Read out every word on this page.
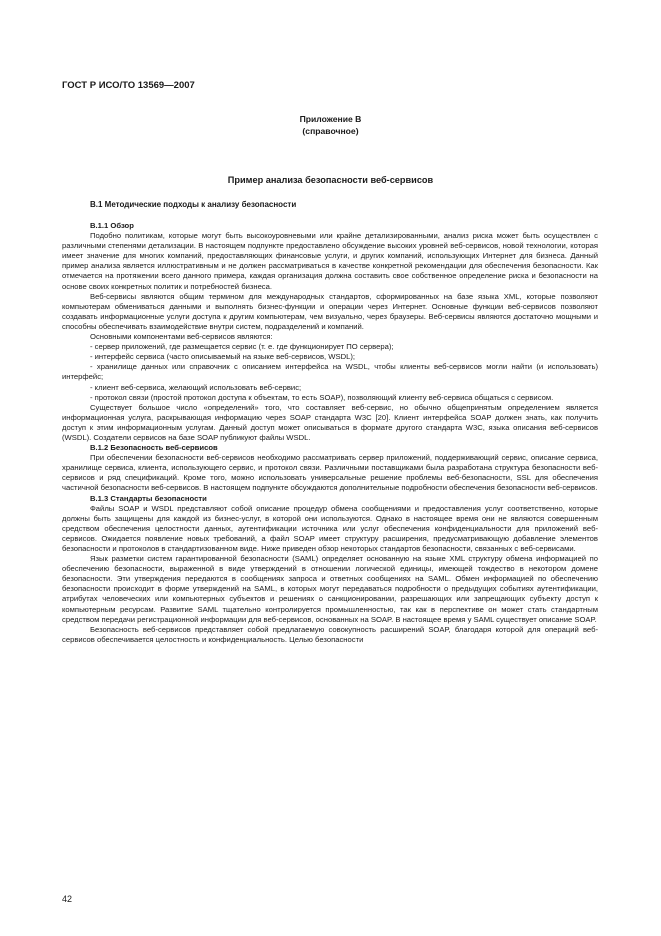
ГОСТ Р ИСО/ТО 13569—2007
Приложение В
(справочное)
Пример анализа безопасности веб-сервисов
В.1 Методические подходы к анализу безопасности

В.1.1 Обзор

Подобно политикам, которые могут быть высокоуровневыми или крайне детализированными, анализ риска может быть осуществлен с различными степенями детализации. В настоящем подпункте предоставлено обсуждение высоких уровней веб-сервисов, новой технологии, которая имеет значение для многих компаний, предоставляющих финансовые услуги, и других компаний, использующих Интернет для бизнеса. Данный пример анализа является иллюстративным и не должен рассматриваться в качестве конкретной рекомендации для обеспечения безопасности. Как отмечается на протяжении всего данного примера, каждая организация должна составить свое собственное определение риска и безопасности на основе своих конкретных политик и потребностей бизнеса.

Веб-сервисы являются общим термином для международных стандартов, сформированных на базе языка XML, которые позволяют компьютерам обмениваться данными и выполнять бизнес-функции и операции через Интернет. Основные функции веб-сервисов позволяют создавать информационные услуги доступа к другим компьютерам, чем визуально, через браузеры. Веб-сервисы являются достаточно мощными и способны обеспечивать взаимодействие внутри систем, подразделений и компаний.

Основными компонентами веб-сервисов являются:

- сервер приложений, где размещается сервис (т. е. где функционирует ПО сервера);

- интерфейс сервиса (часто описываемый на языке веб-сервисов, WSDL);

- хранилище данных или справочник с описанием интерфейса на WSDL, чтобы клиенты веб-сервисов могли найти (и использовать) интерфейс;

- клиент веб-сервиса, желающий использовать веб-сервис;

- протокол связи (простой протокол доступа к объектам, то есть SOAP), позволяющий клиенту веб-сервиса общаться с сервисом.

Существует большое число «определений» того, что составляет веб-сервис, но обычно общепринятым определением является информационная услуга, раскрывающая информацию через SOAP стандарта W3C [20]. Клиент интерфейса SOAP должен знать, как получить доступ к этим информационным услугам. Данный доступ может описываться в формате другого стандарта W3C, языка описания веб-сервисов (WSDL). Создатели сервисов на базе SOAP публикуют файлы WSDL.

В.1.2 Безопасность веб-сервисов

При обеспечении безопасности веб-сервисов необходимо рассматривать сервер приложений, поддерживающий сервис, описание сервиса, хранилище сервиса, клиента, использующего сервис, и протокол связи. Различными поставщиками была разработана структура безопасности веб-сервисов и ряд спецификаций. Кроме того, можно использовать универсальные решение проблемы веб-безопасности, SSL для обеспечения частичной безопасности веб-сервисов. В настоящем подпункте обсуждаются дополнительные подробности обеспечения безопасности веб-сервисов.

В.1.3 Стандарты безопасности

Файлы SOAP и WSDL представляют собой описание процедур обмена сообщениями и предоставления услуг соответственно, которые должны быть защищены для каждой из бизнес-услуг, в которой они используются. Однако в настоящее время они не являются совершенным средством обеспечения целостности данных, аутентификации источника или услуг обеспечения конфиденциальности для приложений веб-сервисов. Ожидается появление новых требований, а файл SOAP имеет структуру расширения, предусматривающую добавление элементов безопасности и протоколов в стандартизованном виде. Ниже приведен обзор некоторых стандартов безопасности, связанных с веб-сервисами.

Язык разметки систем гарантированной безопасности (SAML) определяет основанную на языке XML структуру обмена информацией по обеспечению безопасности, выраженной в виде утверждений в отношении логической единицы, имеющей тождество в некотором домене безопасности. Эти утверждения передаются в сообщениях запроса и ответных сообщениях на SAML. Обмен информацией по обеспечению безопасности происходит в форме утверждений на SAML, в которых могут передаваться подробности о предыдущих событиях аутентификации, атрибутах человеческих или компьютерных субъектов и решениях о санкционировании, разрешающих или запрещающих субъекту доступ к компьютерным ресурсам. Развитие SAML тщательно контролируется промышленностью, так как в перспективе он может стать стандартным средством передачи регистрационной информации для веб-сервисов, основанных на SOAP. В настоящее время у SAML существует описание SOAP.

Безопасность веб-сервисов представляет собой предлагаемую совокупность расширений SOAP, благодаря которой для операций веб-сервисов обеспечивается целостность и конфиденциальность. Целью безопасности

42
